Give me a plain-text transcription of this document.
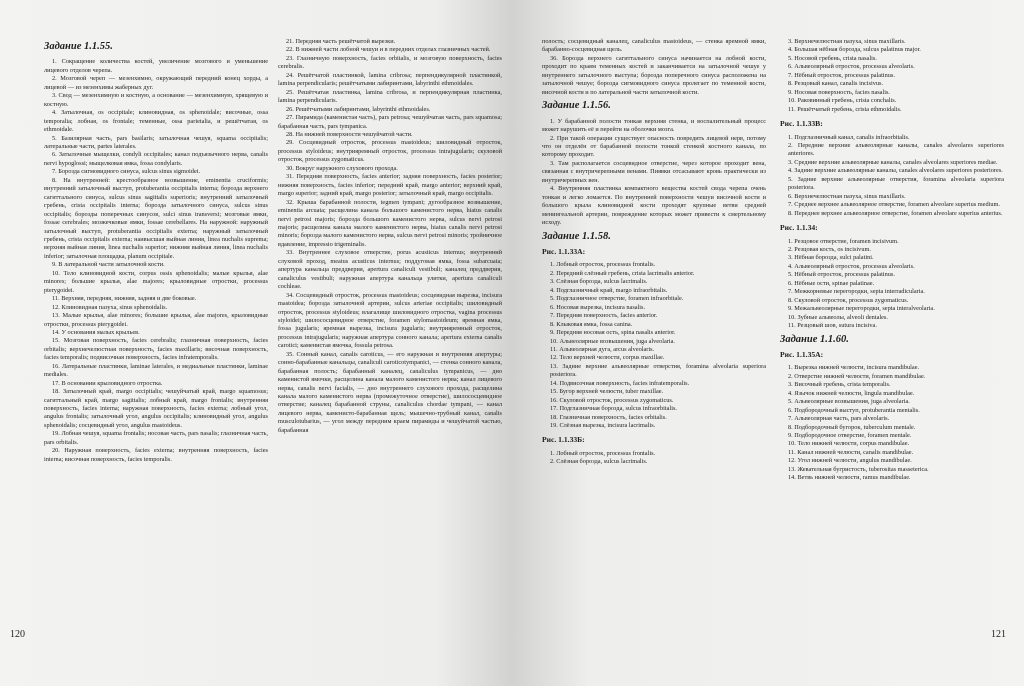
Задание 1.1.55.

1. Сокращение количества костей, увеличение мозгового и уменьшение лицевого отделов черепа.

2. Мозговой череп — мезенхимно, окружающий передний конец хорды, а лицевой — из мезенхимы жаберных дуг.

3. Свод — мезенхимную и костную, а основание — мезенхимную, хрящевую и костную.

4. Затылочная, os occipitale; клиновидная, os sphenoidale; височные, ossa temporalia; лобная, os frontale; теменные, ossa parietalia, и решётчатая, os ethmoidale.

5. Базилярная часть, pars basilaris; затылочная чешуя, squama occipitalis; латеральные части, partes laterales.

6. Затылочные мыщелки, condyli occipitales; канал подъязычного нерва, canalis nervi hypoglossi; мыщелковая ямка, fossa condylaris.

7. Борозда сигмовидного синуса, sulcus sinus sigmoidei.

8. На внутренней: крестообразное возвышение, eminentia cruciformis; внутренний затылочный выступ, protuberantia occipitalis interna; борозда верхнего сагиттального синуса, sulcus sinus sagittalis superioris; внутренний затылочный гребень, crista occipitalis interna; борозда затылочного синуса, sulcus sinus occipitalis; борозды поперечных синусов, sulci sinus transversi; мозговые ямки, fossae cerebrales; мозжечковые ямки, fossae cerebellares. На наружной: наружный затылочный выступ, protuberantia occipitalis externa; наружный затылочный гребень, crista occipitalis externa; наивысшая выйная линия, linea nuchalis suprema; верхняя выйная линия, linea nuchalis superior; нижняя выйная линия, linea nuchalis inferior; затылочная площадка, planum occipitale.

9. В латеральной части затылочной кости.

10. Тело клиновидной кости, corpus ossis sphenoidalis; малые крылья, alae minores; большие крылья, alae majores; крыловидные отростки, processus pterygoidei.

11. Верхняя, передняя, нижняя, задняя и две боковые.

12. Клиновидная пазуха, sinus sphenoidalis.

13. Малые крылья, alae minores; большие крылья, alae majores, крыловидные отростки, processus pterygoidei.

14. У основания малых крыльев.

15. Мозговая поверхность, facies cerebralis; глазничная поверхность, facies orbitalis; верхнечелюстная поверхность, facies maxillaris; височная поверхность, facies temporalis; подвисочная поверхность, facies infratemporalis.

16. Латеральные пластинки, laminae laterales, и медиальные пластинки, laminae mediales.

17. В основании крыловидного отростка.

18. Затылочный край, margo occipitalis; чешуйчатый край, margo squamosus; сагиттальный край, margo sagittalis; лобный край, margo frontalis; внутренняя поверхность, facies interna; наружная поверхность, facies externa; лобный угол, angulus frontalis; затылочный угол, angulus occipitalis; клиновидный угол, angulus sphenoidalis; сосцевидный угол, angulus mastoideus.

19. Лобная чешуя, squama frontalis; носовая часть, pars nasalis; глазничная часть, pars orbitalis.

20. Наружная поверхность, facies externa; внутренняя поверхность, facies interna; височная поверхность, facies temporalis.

21. Передняя часть решётчатой вырезки.

22. В нижней части лобной чешуи и в передних отделах глазничных частей.

23. Глазничную поверхность, facies orbitalis, и мозговую поверхность, facies cerebralis.

24. Решётчатой пластинкой, lamina cribrosa; перпендикулярной пластинкой, lamina perpendicularis; решётчатыми лабиринтами, labyrinthi ethmoidales.

25. Решётчатая пластинка, lamina cribrosa, и перпендикулярная пластинка, lamina perpendicularis.

26. Решётчатыми лабиринтами, labyrinthi ethmoidales.

27. Пирамида (каменистая часть), pars petrosa; чешуйчатая часть, pars squamosa; барабанная часть, pars tympanica.

28. На нижней поверхности чешуйчатой части.

29. Сосцевидный отросток, processus mastoideus; шиловидный отросток, processus styloideus; внутрияремный отросток, processus intrajugularis; скуловой отросток, processus zygomaticus.

30. Вокруг наружного слухового прохода.

31. Передняя поверхность, facies anterior; задняя поверхность, facies posterior; нижняя поверхность, facies inferior; передний край, margo anterior; верхний край, margo superior; задний край, margo posterior; затылочный край, margo occipitalis.

32. Крыша барабанной полости, tegmen tympani; дугообразное возвышение, eminentia arcuata; расщелина канала большого каменистого нерва, hiatus canalis nervi petrosi majoris; борозда большого каменистого нерва, sulcus nervi petrosi majoris; расщелина канала малого каменистого нерва, hiatus canalis nervi petrosi minoris; борозда малого каменистого нерва, sulcus nervi petrosi minoris; тройничное вдавление, impressio trigeminalis.

33. Внутреннее слуховое отверстие, porus acusticus internus; внутренний слуховой проход, meatus acusticus internus; поддуговая ямка, fossa subarcuata; апертура канальца преддверия, apertura canaliculi vestibuli; каналец преддверия, canaliculus vestibuli; наружная апертура канальца улитки, apertura canaliculi cochleae.

34. Сосцевидный отросток, processus mastoideus; сосцевидная вырезка, incisura mastoidea; борозда затылочной артерии, sulcus arteriae occipitalis; шиловидный отросток, processus styloideus; влагалище шиловидного отростка, vagina processus styloidei; шилососцевидное отверстие, foramen stylomastoideum; яремная ямка, fossa jugularis; яремная вырезка, incisura jugularis; внутрияремный отросток, processus intrajugularis; наружная апертура сонного канала; apertura externa canalis carotici; каменистая ямочка, fossula petrosa.

35. Сонный канал, canalis caroticus, — его наружная и внутренняя апертуры; сонно-барабанные канальцы, canaliculi caroticotympanici, — стенка сонного канала, барабанная полость; барабанный каналец, canaliculus tympanicus, — дно каменистой ямочки, расщелина канала малого каменистого нерва; канал лицевого нерва, canalis nervi facialis, — дно внутреннего слухового прохода, расщелина канала малого каменистого нерва (промежуточное отверстие), шилососцевидное отверстие; каналец барабанной струны, canaliculus chordae tympani, — канал лицевого нерва, каменисто-барабанная щель; мышечно-трубный канал, canalis musculotubarius, — угол между передним краем пирамиды и чешуйчатой частью, барабанная

120

полость; сосцевидный каналец, canaliculus mastoideus, — стенка яремной ямки, барабанно-сосцевидная щель.

36. Борозда верхнего сагиттального синуса начинается на лобной кости, проходит по краям теменных костей и заканчивается на затылочной чешуе у внутреннего затылочного выступа; борозда поперечного синуса расположена на затылочной чешуе; борозда сигмовидного синуса пролегает по теменной кости, височной кости и по латеральной части затылочной кости.

Задание 1.1.56.

1. У барабанной полости тонкая верхняя стенка, и воспалительный процесс может нарушить её и перейти на оболочки мозга.

2. При такой операции существует опасность повредить лицевой нерв, потому что он отделён от барабанной полости тонкой стенкой костного канала, по которому проходит.

3. Там располагается сосцевидное отверстие, через которое проходит вена, связанная с внутричерепными венами. Пиявки отсасывают кровь практически из внутричерепных вен.

4. Внутренняя пластинка компактного вещества костей свода черепа очень тонкая и легко ломается. По внутренней поверхности чешуи височной кости и большого крыла клиновидной кости проходят крупные ветви средней менингеальной артерии, повреждение которых может привести к смертельному исходу.

Задание 1.1.58.
Рис. 1.1.33А:

1. Лобный отросток, processus frontalis.

2. Передний слёзный гребень, crista lacrimalis anterior.

3. Слёзная борозда, sulcus lacrimalis.

4. Подглазничный край, margo infraorbitalis.

5. Подглазничное отверстие, foramen infraorbitale.

6. Носовая вырезка, incisura nasalis.

7. Передняя поверхность, facies anterior.

8. Клыковая ямка, fossa canina.

9. Передняя носовая ость, spina nasalis anterior.

10. Альвеолярные возвышения, juga alveolaria.

11. Альвеолярная дуга, arcus alveolaris.

12. Тело верхней челюсти, corpus maxillae.

13. Задние верхние альвеолярные отверстия, foramina alveolaria superiora posteriora.

14. Подвисочная поверхность, facies infratemporalis.

15. Бугор верхней челюсти, tuber maxillae.

16. Скуловой отросток, processus zygomaticus.

17. Подглазничная борозда, sulcus infraorbitalis.

18. Глазничная поверхность, facies orbitalis.

19. Слёзная вырезка, incisura lacrimalis.

Рис. 1.1.33Б:

1. Лобный отросток, processus frontalis.

2. Слёзная борозда, sulcus lacrimalis.

3. Верхнечелюстная пазуха, sinus maxillaris.

4. Большая нёбная борозда, sulcus palatinus major.

5. Носовой гребень, crista nasalis.

6. Альвеолярный отросток, processus alveolaris.

7. Нёбный отросток, processus palatinus.

8. Резцовый канал, canalis incisivus.

9. Носовая поверхность, facies nasalis.

10. Раковинный гребень, crista conchalis.

11. Решётчатый гребень, crista ethmoidalis.

Рис. 1.1.33В:

1. Подглазничный канал, canalis infraorbitalis.

2. Передние верхние альвеолярные каналы, canales alveolares superiores anteriores.

3. Средние верхние альвеолярные каналы, canales alveolares superiores mediae.

4. Задние верхние альвеолярные каналы, canales alveolares superiores posteriores.

5. Задние верхние альвеолярные отверстия, foramina alveolaria superiora posteriora.

6. Верхнечелюстная пазуха, sinus maxillaris.

7. Среднее верхнее альвеолярное отверстие, foramen alveolare superius medium.

8. Переднее верхнее альвеолярное отверстие, foramen alveolare superius anterius.

Рис. 1.1.34:

1. Резцовое отверстие, foramen incisivum.

2. Резцовая кость, os incisivum.

3. Нёбная борозда, sulci palatini.

4. Альвеолярный отросток, processus alveolaris.

5. Нёбный отросток, processus palatinus.

6. Нёбные ости, spinae palatinae.

7. Межкорневые перегородки, septa interradicularia.

8. Скуловой отросток, processus zygomaticus.

9. Межальвеолярные перегородки, septa interalveolaria.

10. Зубные альвеолы, alveoli dentales.

11. Резцовый шов, sutura incisiva.

Задание 1.1.60.
Рис. 1.1.35А:

1. Вырезка нижней челюсти, incisura mandibulae.

2. Отверстие нижней челюсти, foramen mandibulae.

3. Височный гребень, crista temporalis.

4. Язычок нижней челюсти, lingula mandibulae.

5. Альвеолярные возвышения, juga alveolaria.

6. Подбородочный выступ, protuberantia mentalis.

7. Альвеолярная часть, pars alveolaris.

8. Подбородочный бугорок, tuberculum mentale.

9. Подбородочное отверстие, foramen mentale.

10. Тело нижней челюсти, corpus mandibulae.

11. Канал нижней челюсти, canalis mandibulae.

12. Угол нижней челюсти, angulus mandibulae.

13. Жевательная бугристость, tuberositas masseterica.

14. Ветвь нижней челюсти, ramus mandibulae.

121
